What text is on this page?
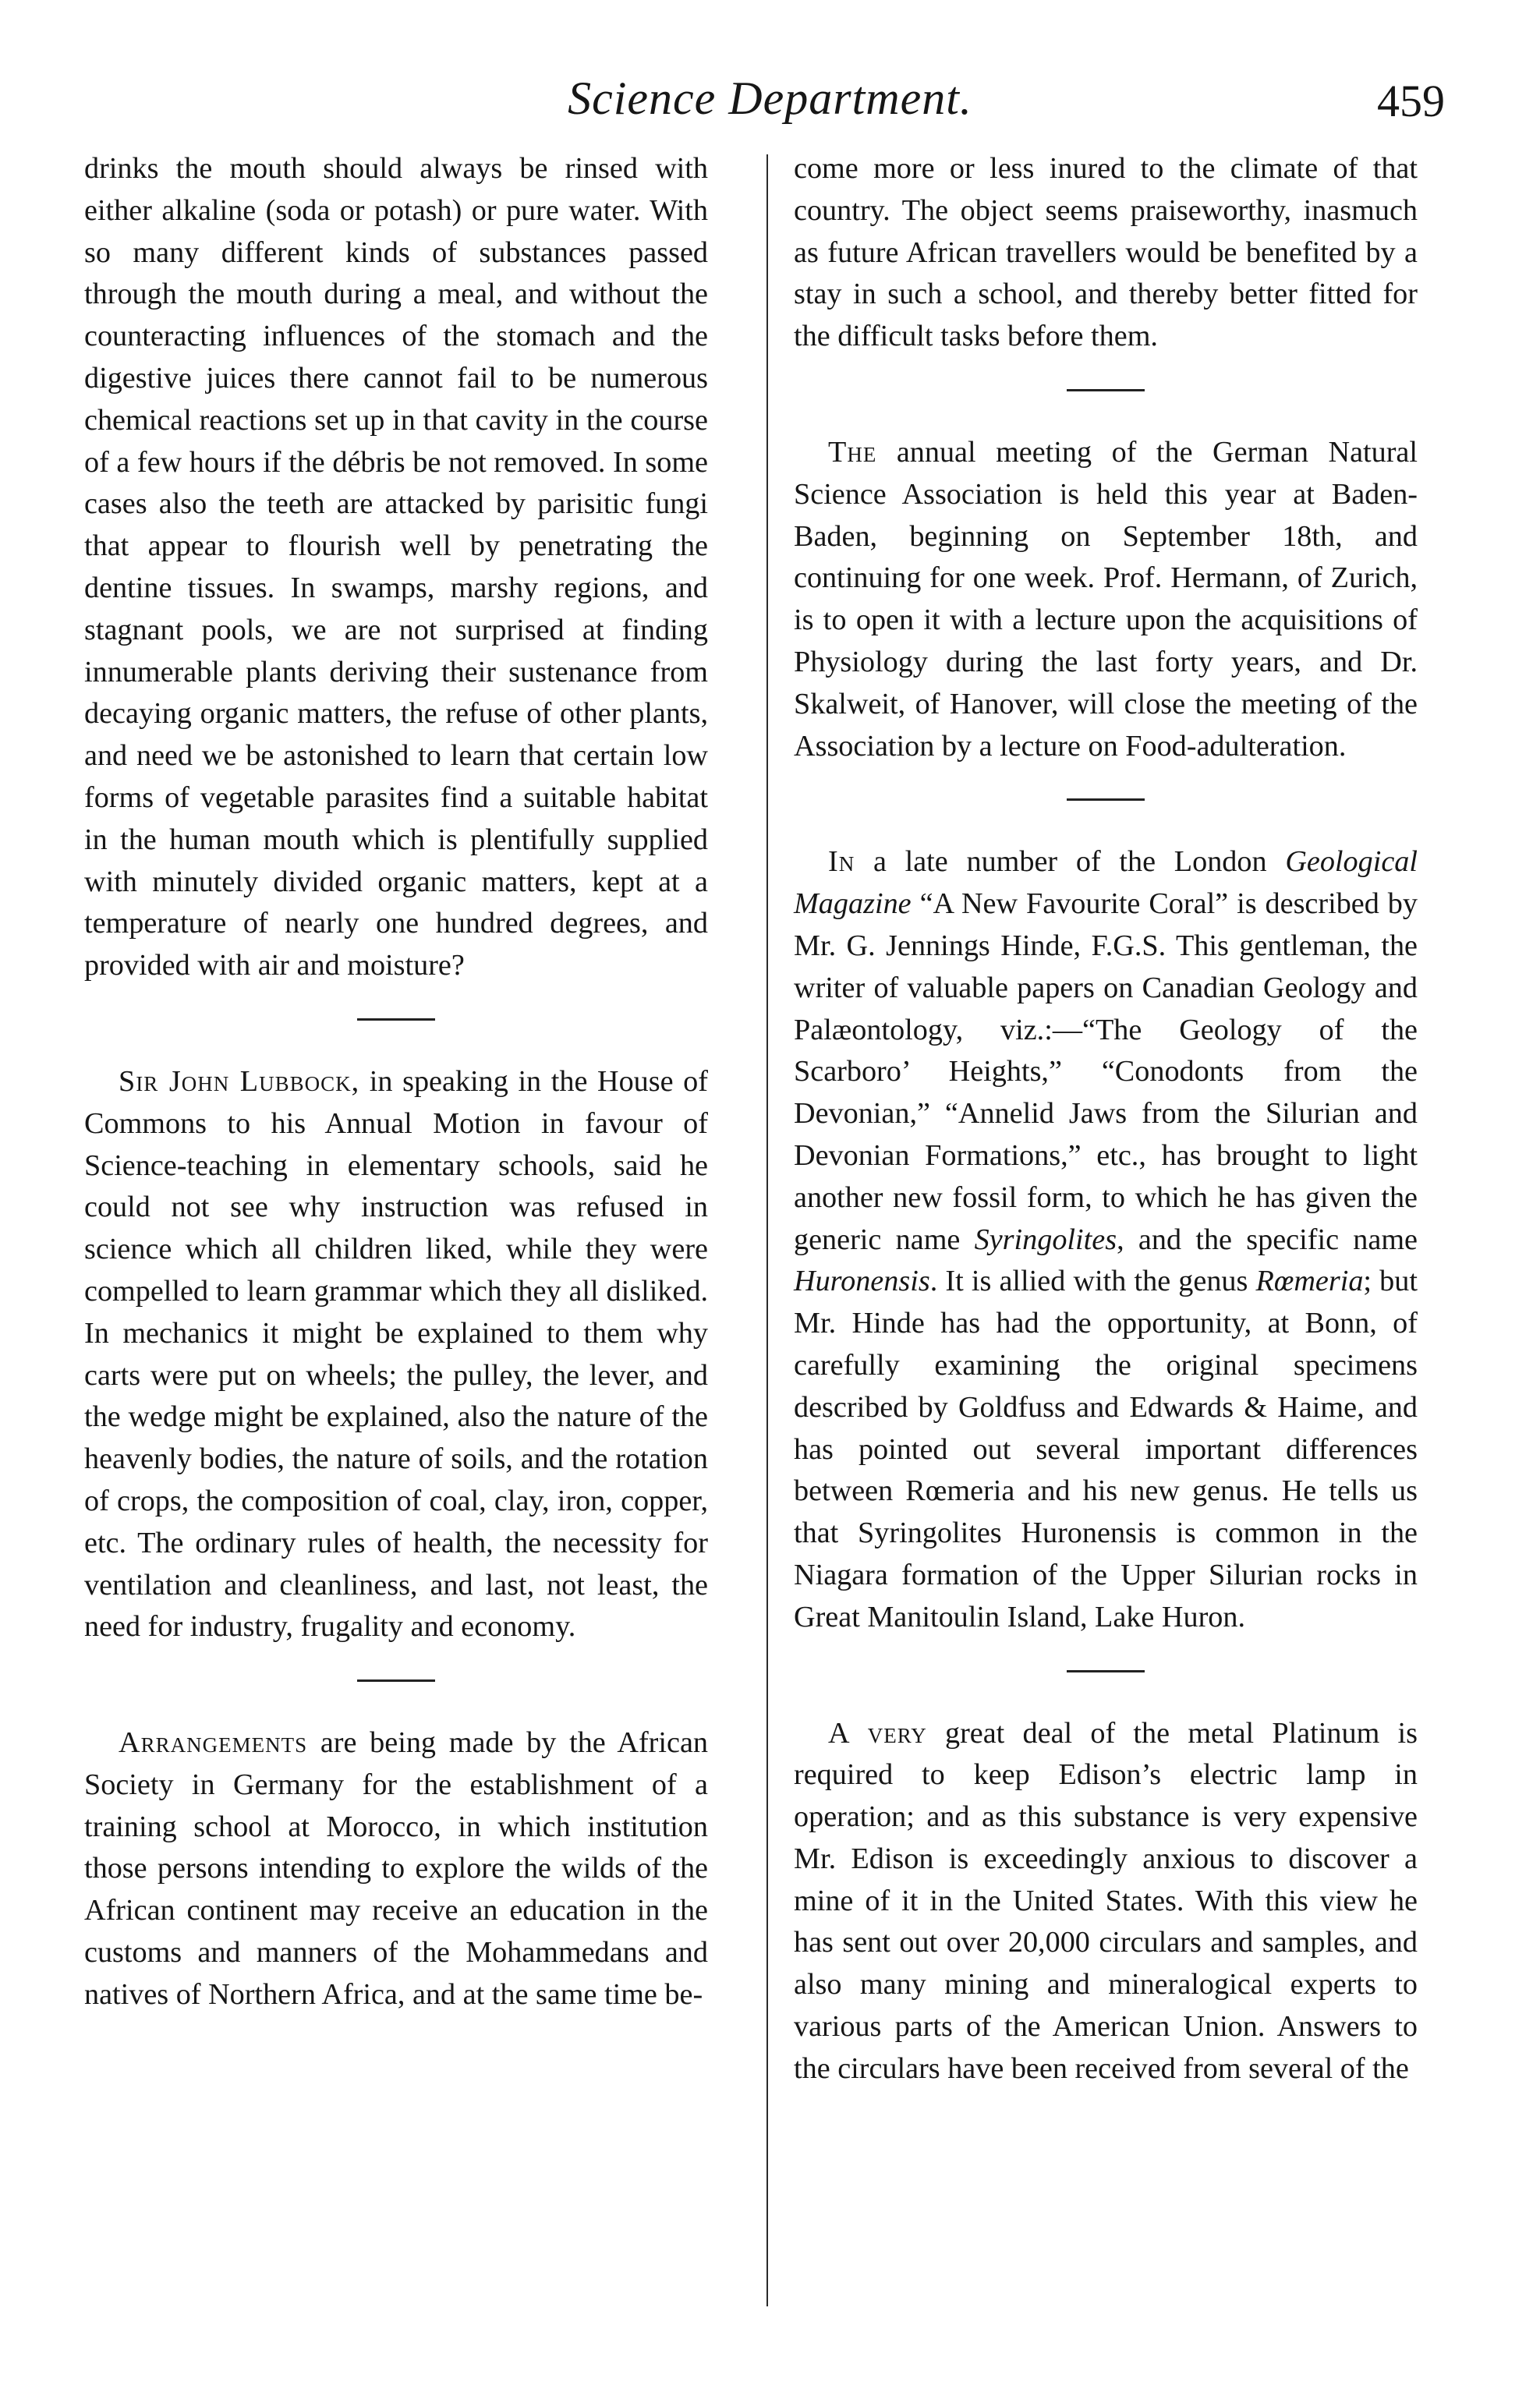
Science Department.	459

drinks the mouth should always be rinsed with either alkaline (soda or potash) or pure water. With so many different kinds of substances passed through the mouth during a meal, and without the counteracting influences of the stomach and the digestive juices there cannot fail to be numerous chemical reactions set up in that cavity in the course of a few hours if the débris be not removed. In some cases also the teeth are attacked by parisitic fungi that appear to flourish well by penetrating the dentine tissues. In swamps, marshy regions, and stagnant pools, we are not surprised at finding innumerable plants deriving their sustenance from decaying organic matters, the refuse of other plants, and need we be astonished to learn that certain low forms of vegetable parasites find a suitable habitat in the human mouth which is plentifully supplied with minutely divided organic matters, kept at a temperature of nearly one hundred degrees, and provided with air and moisture?

Sir John Lubbock, in speaking in the House of Commons to his Annual Motion in favour of Science-teaching in elementary schools, said he could not see why instruction was refused in science which all children liked, while they were compelled to learn grammar which they all disliked. In mechanics it might be explained to them why carts were put on wheels; the pulley, the lever, and the wedge might be explained, also the nature of the heavenly bodies, the nature of soils, and the rotation of crops, the composition of coal, clay, iron, copper, etc. The ordinary rules of health, the necessity for ventilation and cleanliness, and last, not least, the need for industry, frugality and economy.

Arrangements are being made by the African Society in Germany for the establishment of a training school at Morocco, in which institution those persons intending to explore the wilds of the African continent may receive an education in the customs and manners of the Mohammedans and natives of Northern Africa, and at the same time be-

come more or less inured to the climate of that country. The object seems praiseworthy, inasmuch as future African travellers would be benefited by a stay in such a school, and thereby better fitted for the difficult tasks before them.

The annual meeting of the German Natural Science Association is held this year at Baden-Baden, beginning on September 18th, and continuing for one week. Prof. Hermann, of Zurich, is to open it with a lecture upon the acquisitions of Physiology during the last forty years, and Dr. Skalweit, of Hanover, will close the meeting of the Association by a lecture on Food-adulteration.

In a late number of the London Geological Magazine “A New Favourite Coral” is described by Mr. G. Jennings Hinde, F.G.S. This gentleman, the writer of valuable papers on Canadian Geology and Palæontology, viz.:—“The Geology of the Scarboro’ Heights,” “Conodonts from the Devonian,” “Annelid Jaws from the Silurian and Devonian Formations,” etc., has brought to light another new fossil form, to which he has given the generic name Syringolites, and the specific name Huronensis. It is allied with the genus Rœmeria; but Mr. Hinde has had the opportunity, at Bonn, of carefully examining the original specimens described by Goldfuss and Edwards & Haime, and has pointed out several important differences between Rœmeria and his new genus. He tells us that Syringolites Huronensis is common in the Niagara formation of the Upper Silurian rocks in Great Manitoulin Island, Lake Huron.

A very great deal of the metal Platinum is required to keep Edison’s electric lamp in operation; and as this substance is very expensive Mr. Edison is exceedingly anxious to discover a mine of it in the United States. With this view he has sent out over 20,000 circulars and samples, and also many mining and mineralogical experts to various parts of the American Union. Answers to the circulars have been received from several of the
